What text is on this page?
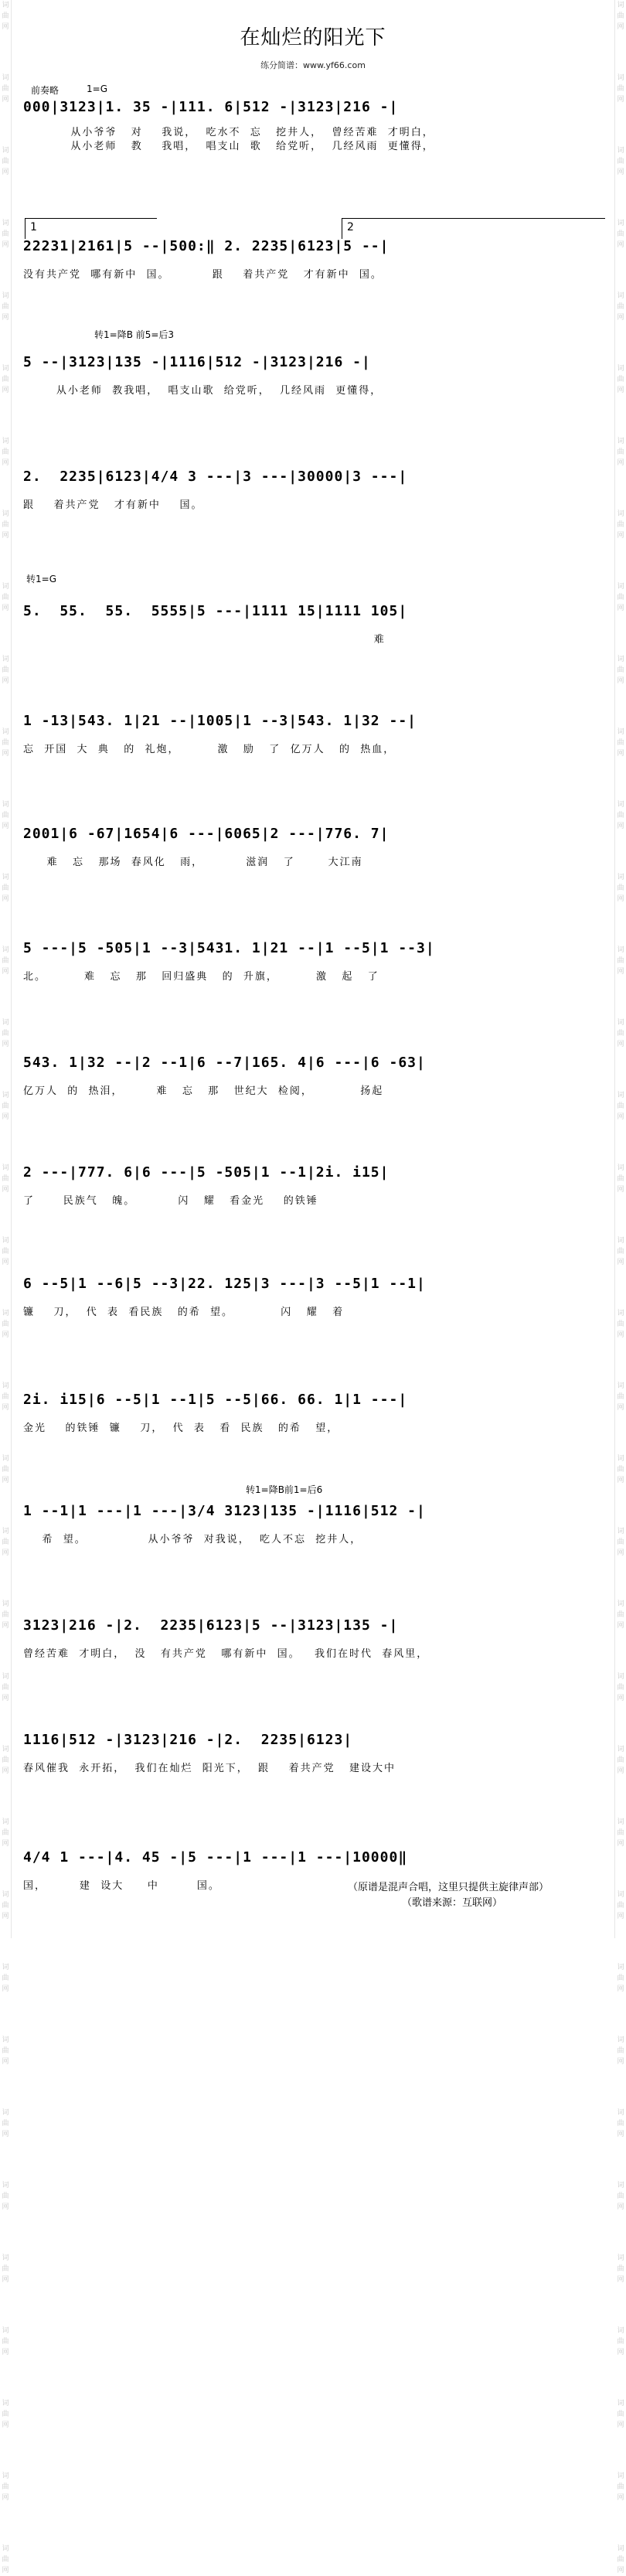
词曲网
词曲网
词曲网
词曲网
词曲网
词曲网
词曲网
词曲网
词曲网
词曲网
词曲网
词曲网
词曲网
词曲网
词曲网
词曲网
词曲网
词曲网
词曲网
词曲网
词曲网
词曲网
词曲网
词曲网
词曲网
词曲网
词曲网
词曲网
词曲网
词曲网
词曲网
词曲网
词曲网
词曲网
词曲网
词曲网
词曲网
词曲网
词曲网
词曲网
词曲网
词曲网
词曲网
词曲网
词曲网
词曲网
词曲网
词曲网
词曲网
词曲网
词曲网
词曲网
词曲网
词曲网
词曲网
词曲网
词曲网
词曲网
词曲网
词曲网
词曲网
词曲网
词曲网
词曲网
词曲网
词曲网
词曲网
词曲网
词曲网
词曲网
词曲网
词曲网
在灿烂的阳光下
练分简谱：www.yf66.com
前奏略	1=G
转1=降B 前5=后3
转1=G
转1=降B前1=后6
1	2
000|3123|1. 35 -|111. 6|512 -|3123|216 -|
从小爷爷   对    我说，  吃水不  忘   挖井人，  曾经苦难  才明白，
从小老师   教    我唱，  唱支山  歌   给党听，  几经风雨  更懂得，
22231|2161|5 --|500:‖ 2. 2235|6123|5 --|
没有共产党  哪有新中  国。         跟    着共产党   才有新中  国。
5 --|3123|135 -|1116|512 -|3123|216 -|
从小老师  教我唱，  唱支山歌  给党听，  几经风雨  更懂得，
2.  2235|6123|4/4 3 ---|3 ---|30000|3 ---|
跟    着共产党   才有新中    国。
5.  55.  55.  5555|5 ---|1111 15|1111 105|
难
1 -13|543. 1|21 --|1005|1 --3|543. 1|32 --|
忘  开国  大  典   的  礼炮，        激   励   了  亿万人   的  热血，
2001|6 -67|1654|6 ---|6065|2 ---|776. 7|
难   忘   那场  春风化   雨，         滋润   了       大江南
5 ---|5 -505|1 --3|5431. 1|21 --|1 --5|1 --3|
北。        难   忘   那   回归盛典   的  升旗，        激   起   了
543. 1|32 --|2 --1|6 --7|165. 4|6 ---|6 -63|
亿万人  的  热泪，       难   忘   那   世纪大  检阅，          扬起
2 ---|777. 6|6 ---|5 -505|1 --1|2i. i15|
了      民族气   魄。         闪   耀   看金光    的铁锤
6 --5|1 --6|5 --3|22. 125|3 ---|3 --5|1 --1|
镰    刀，  代  表  看民族   的希  望。          闪   耀   着
2i. i15|6 --5|1 --1|5 --5|66. 66. 1|1 ---|
金光    的铁锤  镰    刀，  代  表   看  民族   的希   望，
1 --1|1 ---|1 ---|3/4 3123|135 -|1116|512 -|
希  望。             从小爷爷  对我说，  吃人不忘  挖井人，
3123|216 -|2.  2235|6123|5 --|3123|135 -|
曾经苦难  才明白，  没   有共产党   哪有新中  国。   我们在时代  春风里，
1116|512 -|3123|216 -|2.  2235|6123|
春风催我  永开拓，  我们在灿烂  阳光下，  跟    着共产党   建设大中
4/4 1 ---|4. 45 -|5 ---|1 ---|1 ---|10000‖
国，       建  设大     中        国。	（原谱是混声合唱，这里只提供主旋律声部）
（歌谱来源：互联网）
